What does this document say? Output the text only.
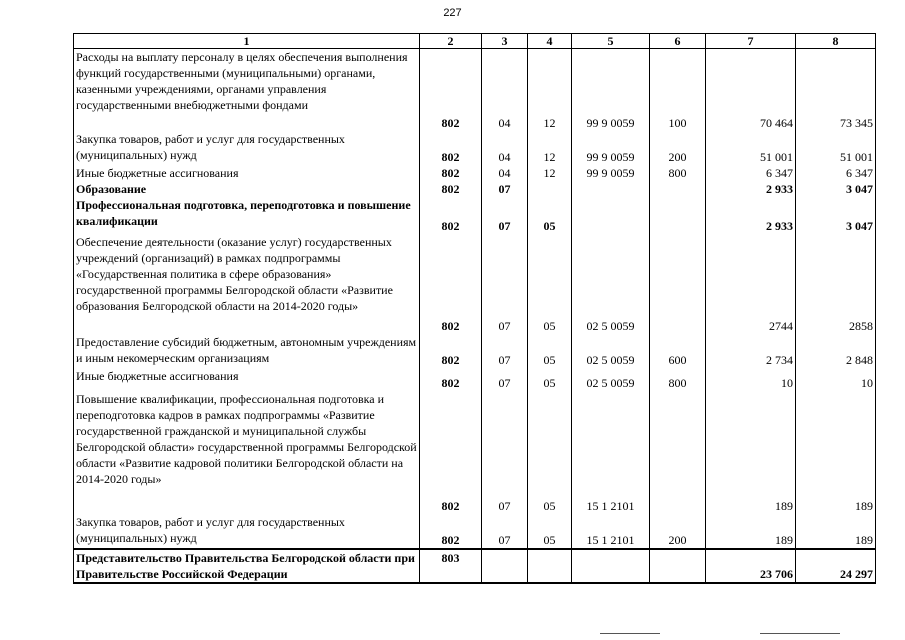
227
1	2	3	4	5	6	7	8
Расходы на выплату персоналу в целях обеспечения выполнения функций государственными (муниципальными) органами, казенными учреждениями, органами управления государственными внебюджетными фондами	802	04	12	99 9 0059	100	70 464	73 345
Закупка товаров, работ и услуг для государственных (муниципальных) нужд	802	04	12	99 9 0059	200	51 001	51 001
Иные бюджетные ассигнования	802	04	12	99 9 0059	800	6 347	6 347
Образование	802	07				2 933	3 047
Профессиональная подготовка, переподготовка и повышение квалификации	802	07	05			2 933	3 047
Обеспечение деятельности (оказание услуг) государственных учреждений (организаций) в рамках подпрограммы «Государственная политика в сфере образования» государственной программы Белгородской области «Развитие образования Белгородской области на 2014-2020 годы»	802	07	05	02 5 0059		2744	2858
Предоставление субсидий бюджетным, автономным учреждениям и иным некомерческим организациям	802	07	05	02 5 0059	600	2 734	2 848
Иные бюджетные ассигнования	802	07	05	02 5 0059	800	10	10
Повышение квалификации, профессиональная подготовка и переподготовка кадров в рамках подпрограммы «Развитие государственной гражданской и муниципальной службы Белгородской области» государственной программы Белгородской области «Развитие кадровой политики Белгородской области на 2014-2020 годы»	802	07	05	15 1 2101		189	189
Закупка товаров, работ и услуг для государственных (муниципальных) нужд	802	07	05	15 1 2101	200	189	189
Представительство Правительства Белгородской области при Правительстве Российской Федерации	803					23 706	24 297
